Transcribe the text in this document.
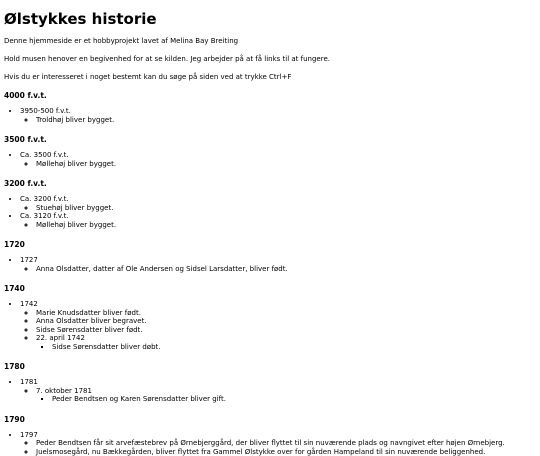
Ølstykkes historie

Denne hjemmeside er et hobbyprojekt lavet af Melina Bay Breiting

Hold musen henover en begivenhed for at se kilden. Jeg arbejder på at få links til at fungere.

Hvis du er interesseret i noget bestemt kan du søge på siden ved at trykke Ctrl+F

4000 f.v.t.
• 3950-500 f.v.t.
◦ Troldhøj bliver bygget.
3500 f.v.t.
• Ca. 3500 f.v.t.
◦ Møllehøj bliver bygget.
3200 f.v.t.
• Ca. 3200 f.v.t.
◦ Stuehøj bliver bygget.
• Ca. 3120 f.v.t.
◦ Møllehøj bliver bygget.
1720
• 1727
◦ Anna Olsdatter, datter af Ole Andersen og Sidsel Larsdatter, bliver født.
1740
• 1742
◦ Marie Knudsdatter bliver født.
◦ Anna Olsdatter bliver begravet.
◦ Sidse Sørensdatter bliver født.
◦ 22. april 1742
▪ Sidse Sørensdatter bliver døbt.
1780
• 1781
◦ 7. oktober 1781
▪ Peder Bendtsen og Karen Sørensdatter bliver gift.
1790
• 1797
◦ Peder Bendtsen får sit arvefæstebrev på Ørnebjerggård, der bliver flyttet til sin nuværende plads og navngivet efter højen Ørnebjerg.
◦ Juelsmosegård, nu Bækkegården, bliver flyttet fra Gammel Ølstykke over for gården Hampeland til sin nuværende beliggenhed.
